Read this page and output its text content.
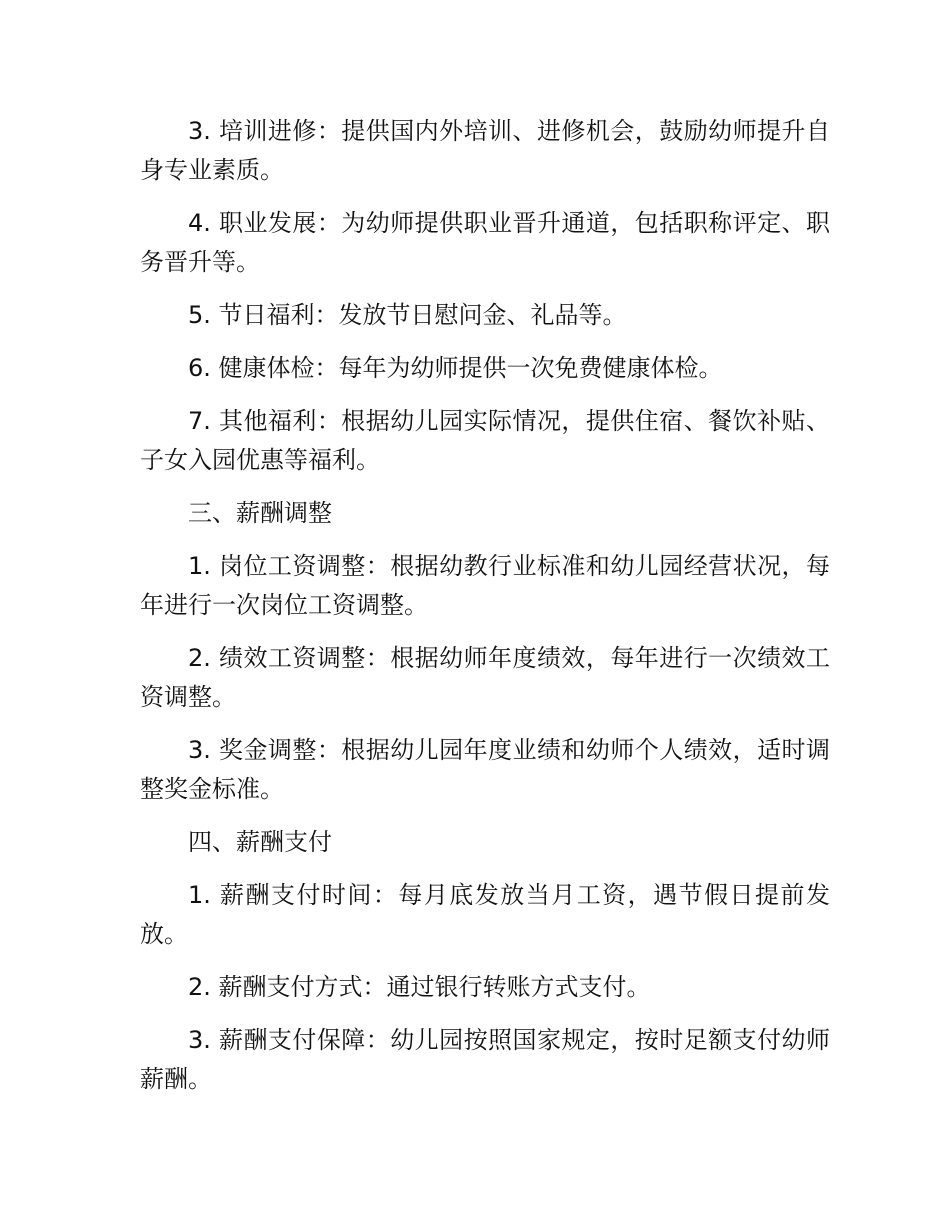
3. 培训进修：提供国内外培训、进修机会，鼓励幼师提升自身专业素质。

4. 职业发展：为幼师提供职业晋升通道，包括职称评定、职务晋升等。

5. 节日福利：发放节日慰问金、礼品等。

6. 健康体检：每年为幼师提供一次免费健康体检。

7. 其他福利：根据幼儿园实际情况，提供住宿、餐饮补贴、子女入园优惠等福利。

三、薪酬调整

1. 岗位工资调整：根据幼教行业标准和幼儿园经营状况，每年进行一次岗位工资调整。

2. 绩效工资调整：根据幼师年度绩效，每年进行一次绩效工资调整。

3. 奖金调整：根据幼儿园年度业绩和幼师个人绩效，适时调整奖金标准。

四、薪酬支付

1. 薪酬支付时间：每月底发放当月工资，遇节假日提前发放。

2. 薪酬支付方式：通过银行转账方式支付。

3. 薪酬支付保障：幼儿园按照国家规定，按时足额支付幼师薪酬。
